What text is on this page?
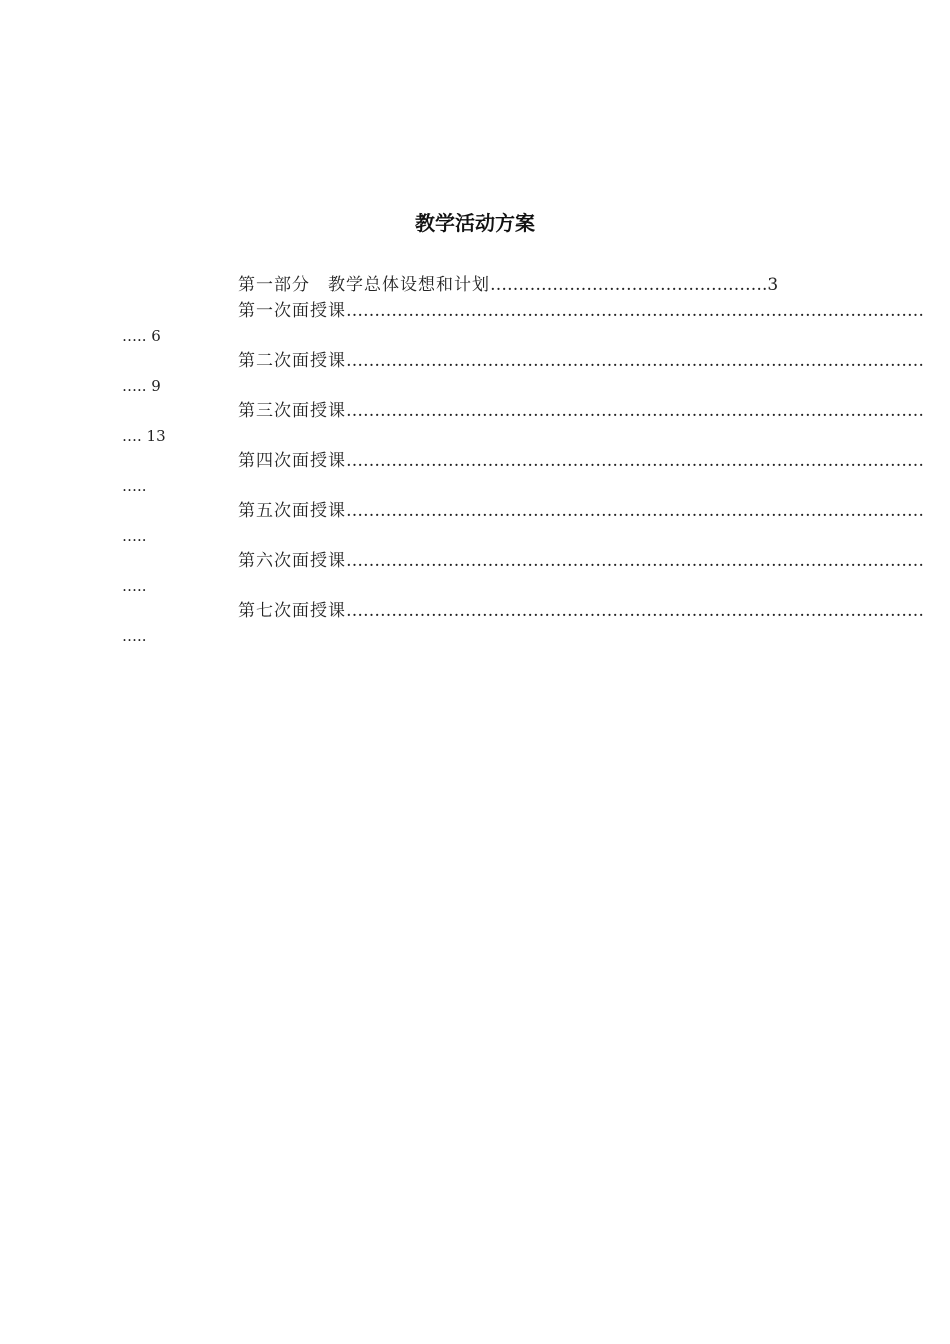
教学活动方案
第一部分　教学总体设想和计划………………………………………….3
第一次面授课…………………………………………………………………………………………
….. 6
第二次面授课…………………………………………………………………………………………
….. 9
第三次面授课…………………………………………………………………………………………
…. 13
第四次面授课…………………………………………………………………………………………
…..
第五次面授课…………………………………………………………………………………………
…..
第六次面授课…………………………………………………………………………………………
…..
第七次面授课…………………………………………………………………………………………
…..
